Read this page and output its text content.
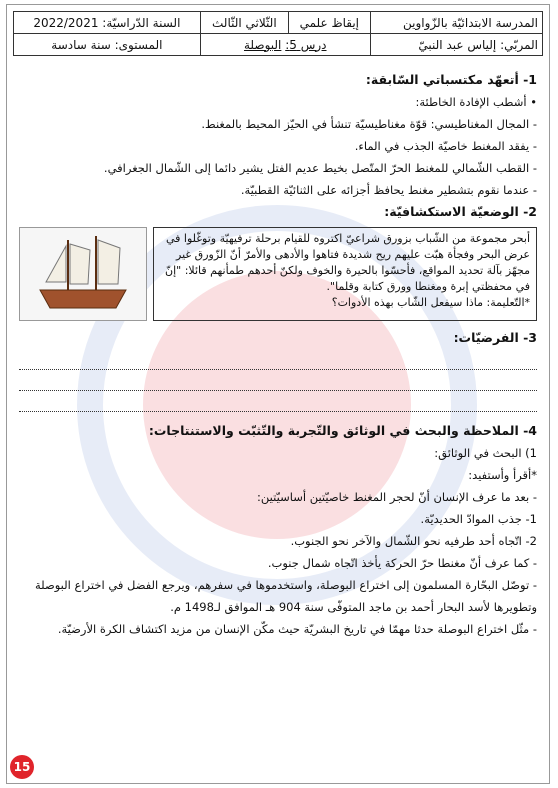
المدرسة الابتدائيّة بالزّواوين	إيقاظ علمي	الثّلاثي الثّالث	السنة الدّراسيّة: 2022/2021
المربّي: إلياس عبد النبيّ	درس 5: البوصلة		المستوى: سنة سادسة

1- أتعهّد مكتسباتي السّابقة:

• أشطب الإفادة الخاطئة:

- المجال المغناطيسي: قوّة مغناطيسيّة تنشأ في الحيّز المحيط بالمغنط.

- يفقد المغنط خاصيّة الجذب في الماء.

- القطب الشّمالي للمغنط الحرّ المتّصل بخيط عديم الفتل يشير دائما إلى الشّمال الجغرافي.

- عندما نقوم بتشطير مغنط يحافظ أجزائه على الثنائيّة القطبيّة.

2- الوضعيّة الاستكشافيّة:

أبحر مجموعة من الشّباب بزورق شراعيّ اكتروه للقيام برحلة ترفيهيّة وتوغّلوا في عرض البحر وفجأة هبّت عليهم ريح شديدة فتاهوا والأدهى والأمرّ أنّ الزّورق غير مجهّز بآلة تحديد المواقع، فأحسّوا بالحيرة والخوف ولكنّ أحدهم طمأنهم قائلا: "إنّ في محفظتي إبرة ومغنطا وورق كتابة وقلما".
*التّعليمة: ماذا سيفعل الشّاب بهذه الأدوات؟

3- الفرضيّات:

4- الملاحظة والبحث في الوثائق والتّجربة والتّثبّت والاستنتاجات:

1) البحث في الوثائق:

*أقرأ وأستفيد:

- بعد ما عرف الإنسان أنّ لحجر المغنط خاصيّتين أساسيّتين:

1- جذب الموادّ الحديديّة.

2- اتّجاه أحد طرفيه نحو الشّمال والآخر نحو الجنوب.

- كما عرف أنّ مغنطا حرّ الحركة يأخذ اتّجاه شمال جنوب.

- توصّل البحّارة المسلمون إلى اختراع البوصلة، واستخدموها في سفرهم، ويرجع الفضل في اختراع البوصلة وتطويرها لأسد البحار أحمد بن ماجد المتوفّى سنة 904 هـ الموافق لـ1498 م.

- مثّل اختراع البوصلة حدثا مهمّا في تاريخ البشريّة حيث مكّن الإنسان من مزيد اكتشاف الكرة الأرضيّة.

15
